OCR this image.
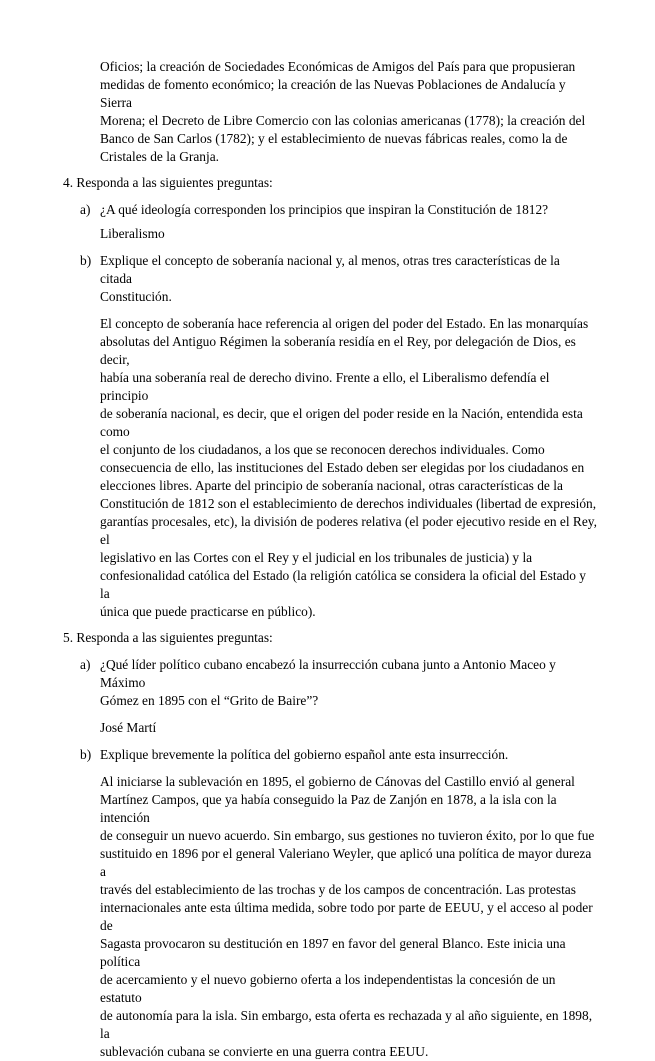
Oficios; la creación de Sociedades Económicas de Amigos del País para que propusieran
medidas de fomento económico; la creación de las Nuevas Poblaciones de Andalucía y Sierra
Morena; el Decreto de Libre Comercio con las colonias americanas (1778); la creación del
Banco de San Carlos (1782); y el establecimiento de nuevas fábricas reales, como la de
Cristales de la Granja.
4. Responda a las siguientes preguntas:
a) ¿A qué ideología corresponden los principios que inspiran la Constitución de 1812?
Liberalismo
b) Explique el concepto de soberanía nacional y, al menos, otras tres características de la citada
Constitución.
El concepto de soberanía hace referencia al origen del poder del Estado. En las monarquías
absolutas del Antiguo Régimen la soberanía residía en el Rey, por delegación de Dios, es decir,
había una soberanía real de derecho divino. Frente a ello, el Liberalismo defendía el principio
de soberanía nacional, es decir, que el origen del poder reside en la Nación, entendida esta como
el conjunto de los ciudadanos, a los que se reconocen derechos individuales. Como
consecuencia de ello, las instituciones del Estado deben ser elegidas por los ciudadanos en
elecciones libres. Aparte del principio de soberanía nacional, otras características de la
Constitución de 1812 son el establecimiento de derechos individuales (libertad de expresión,
garantías procesales, etc), la división de poderes relativa (el poder ejecutivo reside en el Rey, el
legislativo en las Cortes con el Rey y el judicial en los tribunales de justicia) y la
confesionalidad católica del Estado (la religión católica se considera la oficial del Estado y la
única que puede practicarse en público).
5. Responda a las siguientes preguntas:
a) ¿Qué líder político cubano encabezó la insurrección cubana junto a Antonio Maceo y Máximo
Gómez en 1895 con el “Grito de Baire”?
José Martí
b) Explique brevemente la política del gobierno español ante esta insurrección.
Al iniciarse la sublevación en 1895, el gobierno de Cánovas del Castillo envió al general
Martínez Campos, que ya había conseguido la Paz de Zanjón en 1878, a la isla con la intención
de conseguir un nuevo acuerdo. Sin embargo, sus gestiones no tuvieron éxito, por lo que fue
sustituido en 1896 por el general Valeriano Weyler, que aplicó una política de mayor dureza a
través del establecimiento de las trochas y de los campos de concentración. Las protestas
internacionales ante esta última medida, sobre todo por parte de EEUU, y el acceso al poder de
Sagasta provocaron su destitución en 1897 en favor del general Blanco. Este inicia una política
de acercamiento y el nuevo gobierno oferta a los independentistas la concesión de un estatuto
de autonomía para la isla. Sin embargo, esta oferta es rechazada y al año siguiente, en 1898, la
sublevación cubana se convierte en una guerra contra EEUU.
